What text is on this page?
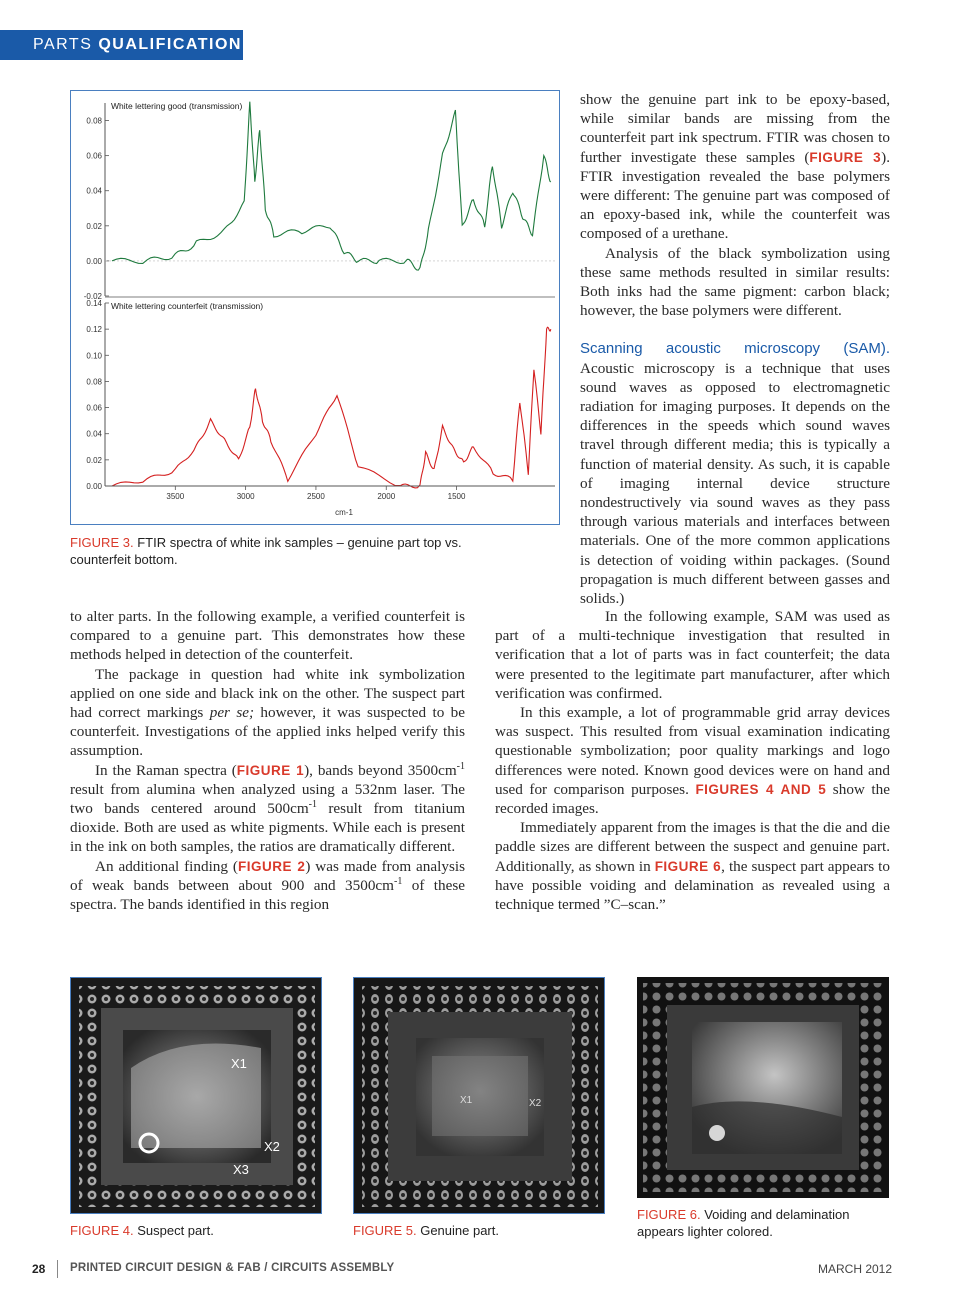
PARTS QUALIFICATION
White lettering good (transmission)
0.08
0.06
0.04
0.02
0.00
-0.02
White lettering counterfeit (transmission)
0.14
0.12
0.10
0.08
0.06
0.04
0.02
0.00
3500	3000	2500	2000	1500
cm-1
FIGURE 3. FTIR spectra of white ink samples – genuine part top vs. counterfeit bottom.

show the genuine part ink to be epoxy-based, while similar bands are missing from the counterfeit part ink spectrum. FTIR was chosen to further investigate these samples (FIGURE 3). FTIR investigation revealed the base polymers were different: The genuine part was composed of an epoxy-based ink, while the counterfeit was composed of a urethane.

Analysis of the black symbolization using these same methods resulted in similar results: Both inks had the same pigment: carbon black; however, the base polymers were different.

Scanning acoustic microscopy (SAM). Acoustic microscopy is a technique that uses sound waves as opposed to electromagnetic radiation for imaging purposes. It depends on the differences in the speeds which sound waves travel through different media; this is typically a function of material density. As such, it is capable of imaging internal device structure nondestructively via sound waves as they pass through various materials and interfaces between materials. One of the more common applications is detection of voiding within packages. (Sound propagation is much different between gasses and solids.)

to alter parts. In the following example, a verified counterfeit is compared to a genuine part. This demonstrates how these methods helped in detection of the counterfeit.

The package in question had white ink symbolization applied on one side and black ink on the other. The suspect part had correct markings per se; however, it was suspected to be counterfeit. Investigations of the applied inks helped verify this assumption.

In the Raman spectra (FIGURE 1), bands beyond $3500cm^{-1}$ result from alumina when analyzed using a 532nm laser. The two bands centered around $500cm^{-1}$ result from titanium dioxide. Both are used as white pigments. While each is present in the ink on both samples, the ratios are dramatically different.

An additional finding (FIGURE 2) was made from analysis of weak bands between about 900 and $3500cm^{-1}$ of these spectra. The bands identified in this region

In the following example, SAM was used as part of a multi-technique investigation that resulted in verification that a lot of parts was in fact counterfeit; the data were presented to the legitimate part manufacturer, after which verification was confirmed.

In this example, a lot of programmable grid array devices was suspect. This resulted from visual examination indicating questionable symbolization; poor quality markings and logo differences were noted. Known good devices were on hand and used for comparison purposes. FIGURES 4 AND 5 show the recorded images.

Immediately apparent from the images is that the die and die paddle sizes are different between the suspect and genuine part. Additionally, as shown in FIGURE 6, the suspect part appears to have possible voiding and delamination as revealed using a technique termed ”C–scan.”

X1
X2
X3
FIGURE 4. Suspect part.
X1	X2
FIGURE 5. Genuine part.
FIGURE 6. Voiding and delamination appears lighter colored.
28 PRINTED CIRCUIT DESIGN & FAB / CIRCUITS ASSEMBLY	MARCH 2012
